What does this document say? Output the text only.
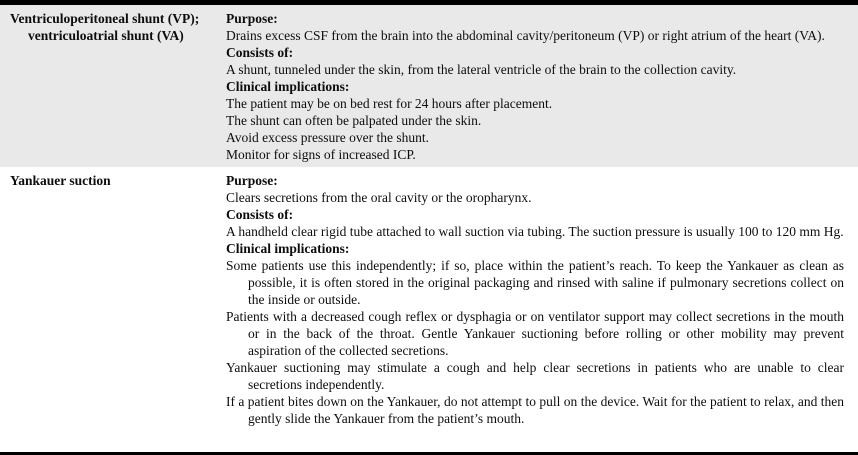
Ventriculoperitoneal shunt (VP); ventriculoatrial shunt (VA)
Purpose:
Drains excess CSF from the brain into the abdominal cavity/peritoneum (VP) or right atrium of the heart (VA).
Consists of:
A shunt, tunneled under the skin, from the lateral ventricle of the brain to the collection cavity.
Clinical implications:
The patient may be on bed rest for 24 hours after placement.
The shunt can often be palpated under the skin.
Avoid excess pressure over the shunt.
Monitor for signs of increased ICP.
Yankauer suction	Purpose:
Clears secretions from the oral cavity or the oropharynx.
Consists of:
A handheld clear rigid tube attached to wall suction via tubing. The suction pressure is usually 100 to 120 mm Hg.
Clinical implications:
Some patients use this independently; if so, place within the patient’s reach. To keep the Yankauer as clean as possible, it is often stored in the original packaging and rinsed with saline if pulmonary secretions collect on the inside or outside.
Patients with a decreased cough reflex or dysphagia or on ventilator support may collect secretions in the mouth or in the back of the throat. Gentle Yankauer suctioning before rolling or other mobility may prevent aspiration of the collected secretions.
Yankauer suctioning may stimulate a cough and help clear secretions in patients who are unable to clear secretions independently.
If a patient bites down on the Yankauer, do not attempt to pull on the device. Wait for the patient to relax, and then gently slide the Yankauer from the patient’s mouth.
